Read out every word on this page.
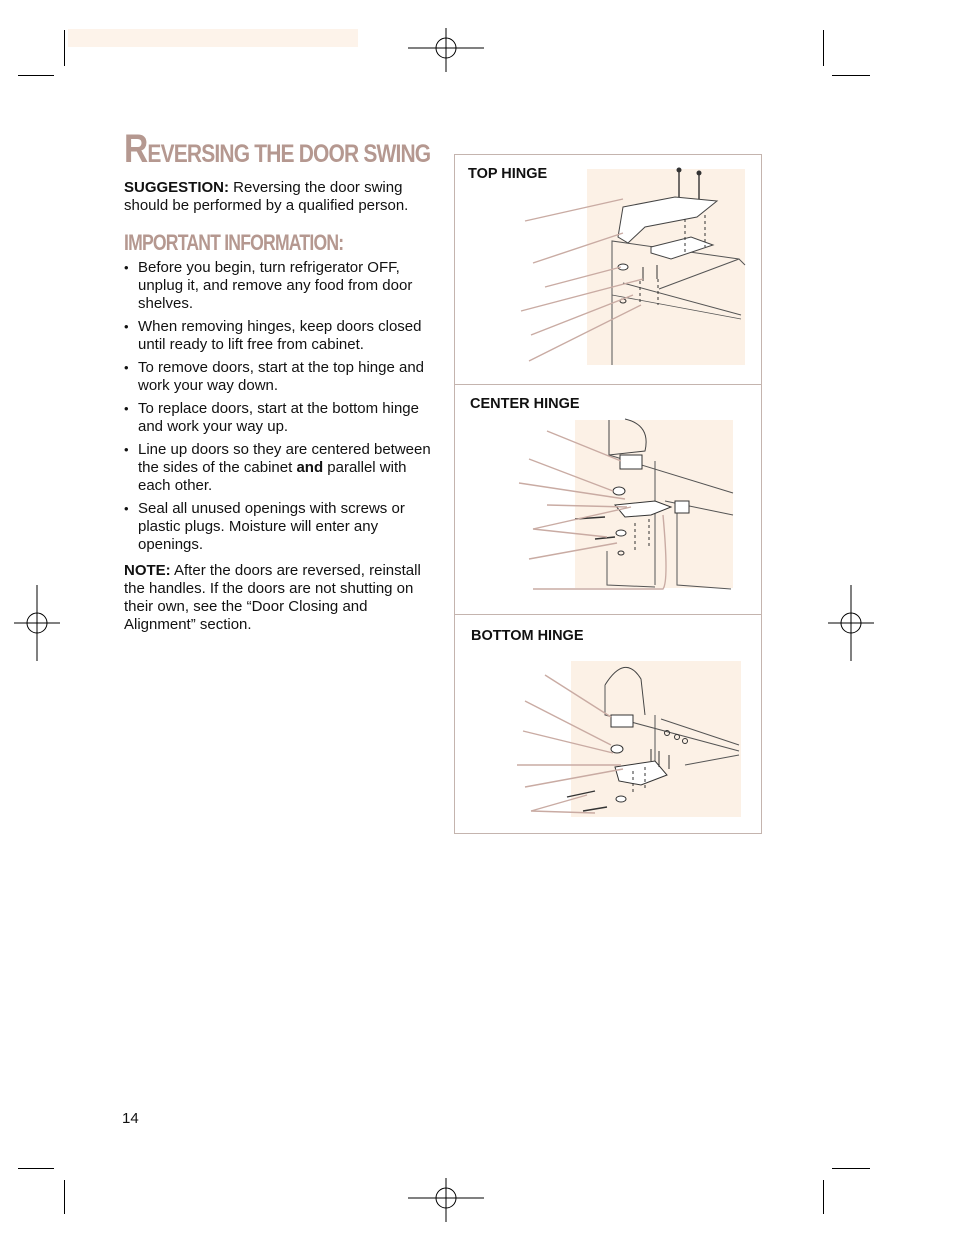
REVERSING THE DOOR SWING
SUGGESTION: Reversing the door swing should be performed by a qualified person.
IMPORTANT INFORMATION:
• Before you begin, turn refrigerator OFF, unplug it, and remove any food from door shelves.
• When removing hinges, keep doors closed until ready to lift free from cabinet.
• To remove doors, start at the top hinge and work your way down.
• To replace doors, start at the bottom hinge and work your way up.
• Line up doors so they are centered between the sides of the cabinet and parallel with each other.
• Seal all unused openings with screws or plastic plugs. Moisture will enter any openings.
NOTE: After the doors are reversed, reinstall the handles. If the doors are not shutting on their own, see the “Door Closing and Alignment” section.
14
TOP HINGE
CENTER HINGE
BOTTOM HINGE
